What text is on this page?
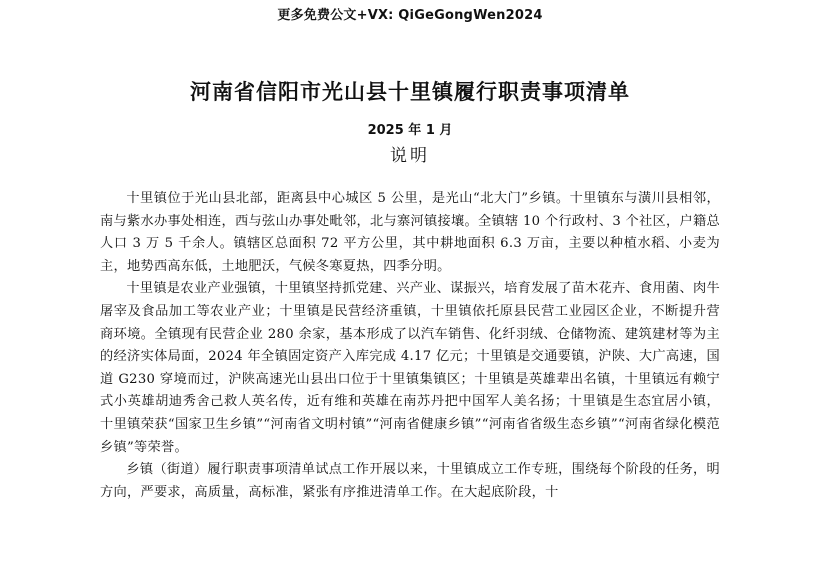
更多免费公文+VX: QiGeGongWen2024
河南省信阳市光山县十里镇履行职责事项清单
2025 年 1 月
说明

十里镇位于光山县北部，距离县中心城区 5 公里，是光山“北大门”乡镇。十里镇东与潢川县相邻，南与紫水办事处相连，西与弦山办事处毗邻，北与寨河镇接壤。全镇辖 10 个行政村、3 个社区，户籍总人口 3 万 5 千余人。镇辖区总面积 72 平方公里，其中耕地面积 6.3 万亩，主要以种植水稻、小麦为主，地势西高东低，土地肥沃，气候冬寒夏热，四季分明。

十里镇是农业产业强镇，十里镇坚持抓党建、兴产业、谋振兴，培育发展了苗木花卉、食用菌、肉牛屠宰及食品加工等农业产业；十里镇是民营经济重镇，十里镇依托原县民营工业园区企业，不断提升营商环境。全镇现有民营企业 280 余家，基本形成了以汽车销售、化纤羽绒、仓储物流、建筑建材等为主的经济实体局面，2024 年全镇固定资产入库完成 4.17 亿元；十里镇是交通要镇，沪陕、大广高速，国道 G230 穿境而过，沪陕高速光山县出口位于十里镇集镇区；十里镇是英雄辈出名镇，十里镇远有赖宁式小英雄胡迪秀舍己救人英名传，近有维和英雄在南苏丹把中国军人美名扬；十里镇是生态宜居小镇，十里镇荣获“国家卫生乡镇”“河南省文明村镇”“河南省健康乡镇”“河南省省级生态乡镇”“河南省绿化模范乡镇”等荣誉。

乡镇（街道）履行职责事项清单试点工作开展以来，十里镇成立工作专班，围绕每个阶段的任务，明方向，严要求，高质量，高标准，紧张有序推进清单工作。在大起底阶段，十
